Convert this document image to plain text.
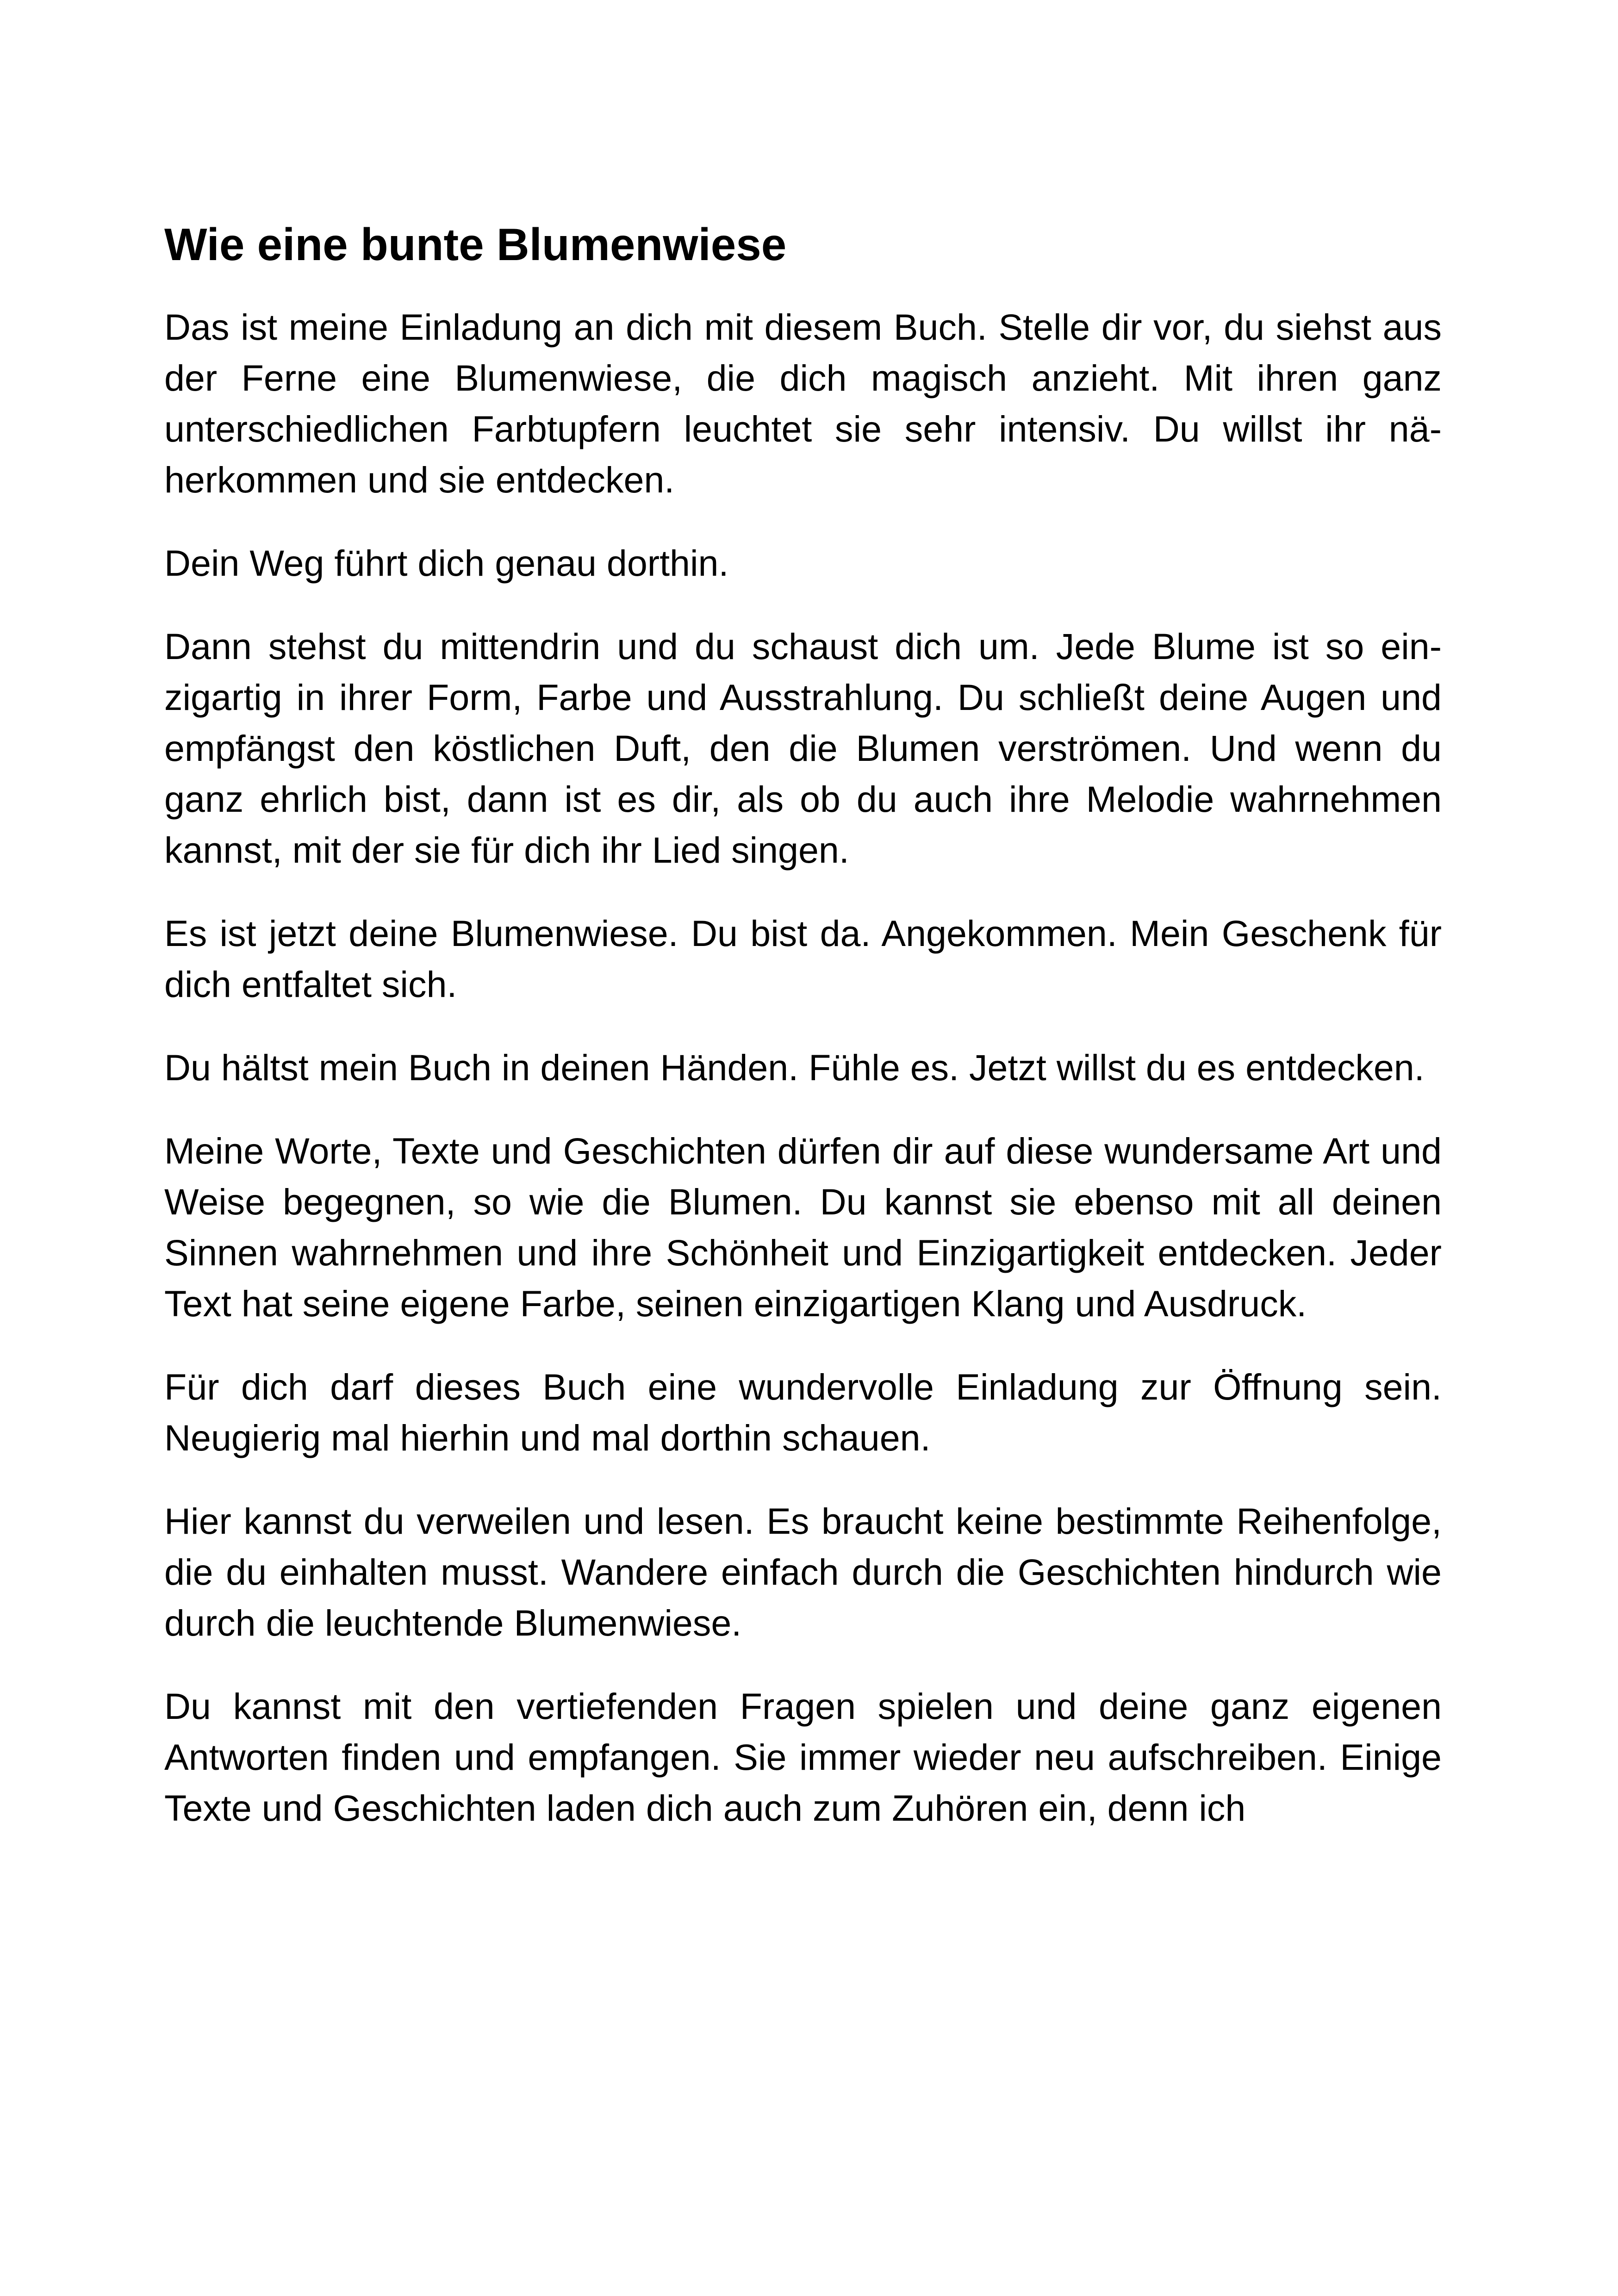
Wie eine bunte Blumenwiese

Das ist meine Einladung an dich mit diesem Buch. Stelle dir vor, du siehst aus der Ferne eine Blumenwiese, die dich magisch anzieht. Mit ihren ganz unterschiedlichen Farbtupfern leuchtet sie sehr intensiv. Du willst ihr näherkommen und sie entdecken.

Dein Weg führt dich genau dorthin.

Dann stehst du mittendrin und du schaust dich um. Jede Blume ist so einzigartig in ihrer Form, Farbe und Ausstrahlung. Du schließt deine Augen und empfängst den köstlichen Duft, den die Blumen verströmen. Und wenn du ganz ehrlich bist, dann ist es dir, als ob du auch ihre Melodie wahrnehmen kannst, mit der sie für dich ihr Lied singen.

Es ist jetzt deine Blumenwiese. Du bist da. Angekommen. Mein Geschenk für dich entfaltet sich.

Du hältst mein Buch in deinen Händen. Fühle es. Jetzt willst du es entdecken.

Meine Worte, Texte und Geschichten dürfen dir auf diese wundersame Art und Weise begegnen, so wie die Blumen. Du kannst sie ebenso mit all deinen Sinnen wahrnehmen und ihre Schönheit und Einzigartigkeit entdecken. Jeder Text hat seine eigene Farbe, seinen einzigartigen Klang und Ausdruck.

Für dich darf dieses Buch eine wundervolle Einladung zur Öffnung sein. Neugierig mal hierhin und mal dorthin schauen.

Hier kannst du verweilen und lesen. Es braucht keine bestimmte Reihenfolge, die du einhalten musst. Wandere einfach durch die Geschichten hindurch wie durch die leuchtende Blumenwiese.

Du kannst mit den vertiefenden Fragen spielen und deine ganz eigenen Antworten finden und empfangen. Sie immer wieder neu aufschreiben. Einige Texte und Geschichten laden dich auch zum Zuhören ein, denn ich
